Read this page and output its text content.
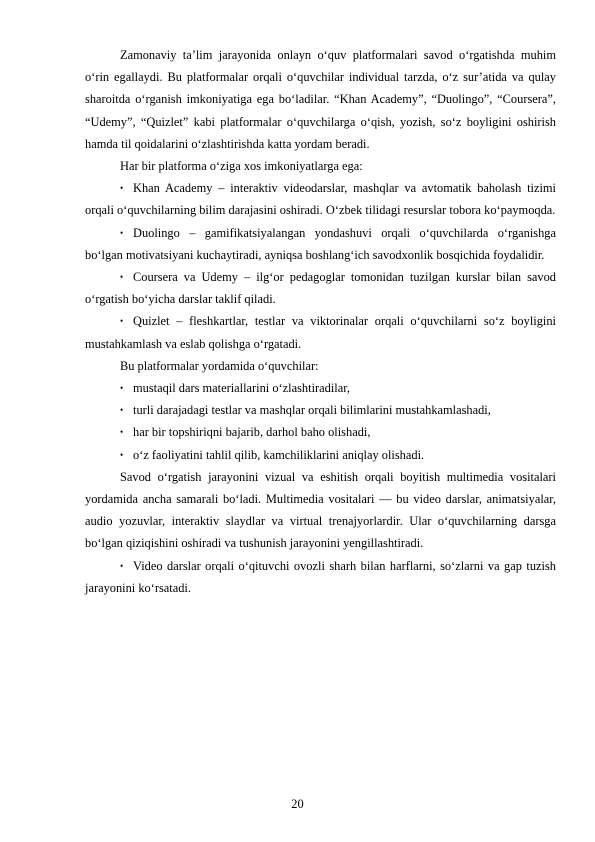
Zamonaviy ta’lim jarayonida onlayn o‘quv platformalari savod o‘rgatishda muhim o‘rin egallaydi. Bu platformalar orqali o‘quvchilar individual tarzda, o‘z sur’atida va qulay sharoitda o‘rganish imkoniyatiga ega bo‘ladilar. “Khan Academy”, “Duolingo”, “Coursera”, “Udemy”, “Quizlet” kabi platformalar o‘quvchilarga o‘qish, yozish, so‘z boyligini oshirish hamda til qoidalarini o‘zlashtirishda katta yordam beradi.

Har bir platforma o‘ziga xos imkoniyatlarga ega:

• Khan Academy – interaktiv videodarslar, mashqlar va avtomatik baholash tizimi orqali o‘quvchilarning bilim darajasini oshiradi. O‘zbek tilidagi resurslar tobora ko‘paymoqda.

• Duolingo – gamifikatsiyalangan yondashuvi orqali o‘quvchilarda o‘rganishga bo‘lgan motivatsiyani kuchaytiradi, ayniqsa boshlang‘ich savodxonlik bosqichida foydalidir.

• Coursera va Udemy – ilg‘or pedagoglar tomonidan tuzilgan kurslar bilan savod o‘rgatish bo‘yicha darslar taklif qiladi.

• Quizlet – fleshkartlar, testlar va viktorinalar orqali o‘quvchilarni so‘z boyligini mustahkamlash va eslab qolishga o‘rgatadi.

Bu platformalar yordamida o‘quvchilar:

• mustaqil dars materiallarini o‘zlashtiradilar,

• turli darajadagi testlar va mashqlar orqali bilimlarini mustahkamlashadi,

• har bir topshiriqni bajarib, darhol baho olishadi,

• o‘z faoliyatini tahlil qilib, kamchiliklarini aniqlay olishadi.

Savod o‘rgatish jarayonini vizual va eshitish orqali boyitish multimedia vositalari yordamida ancha samarali bo‘ladi. Multimedia vositalari — bu video darslar, animatsiyalar, audio yozuvlar, interaktiv slaydlar va virtual trenajyorlardir. Ular o‘quvchilarning darsga bo‘lgan qiziqishini oshiradi va tushunish jarayonini yengillashtiradi.

• Video darslar orqali o‘qituvchi ovozli sharh bilan harflarni, so‘zlarni va gap tuzish jarayonini ko‘rsatadi.

20
